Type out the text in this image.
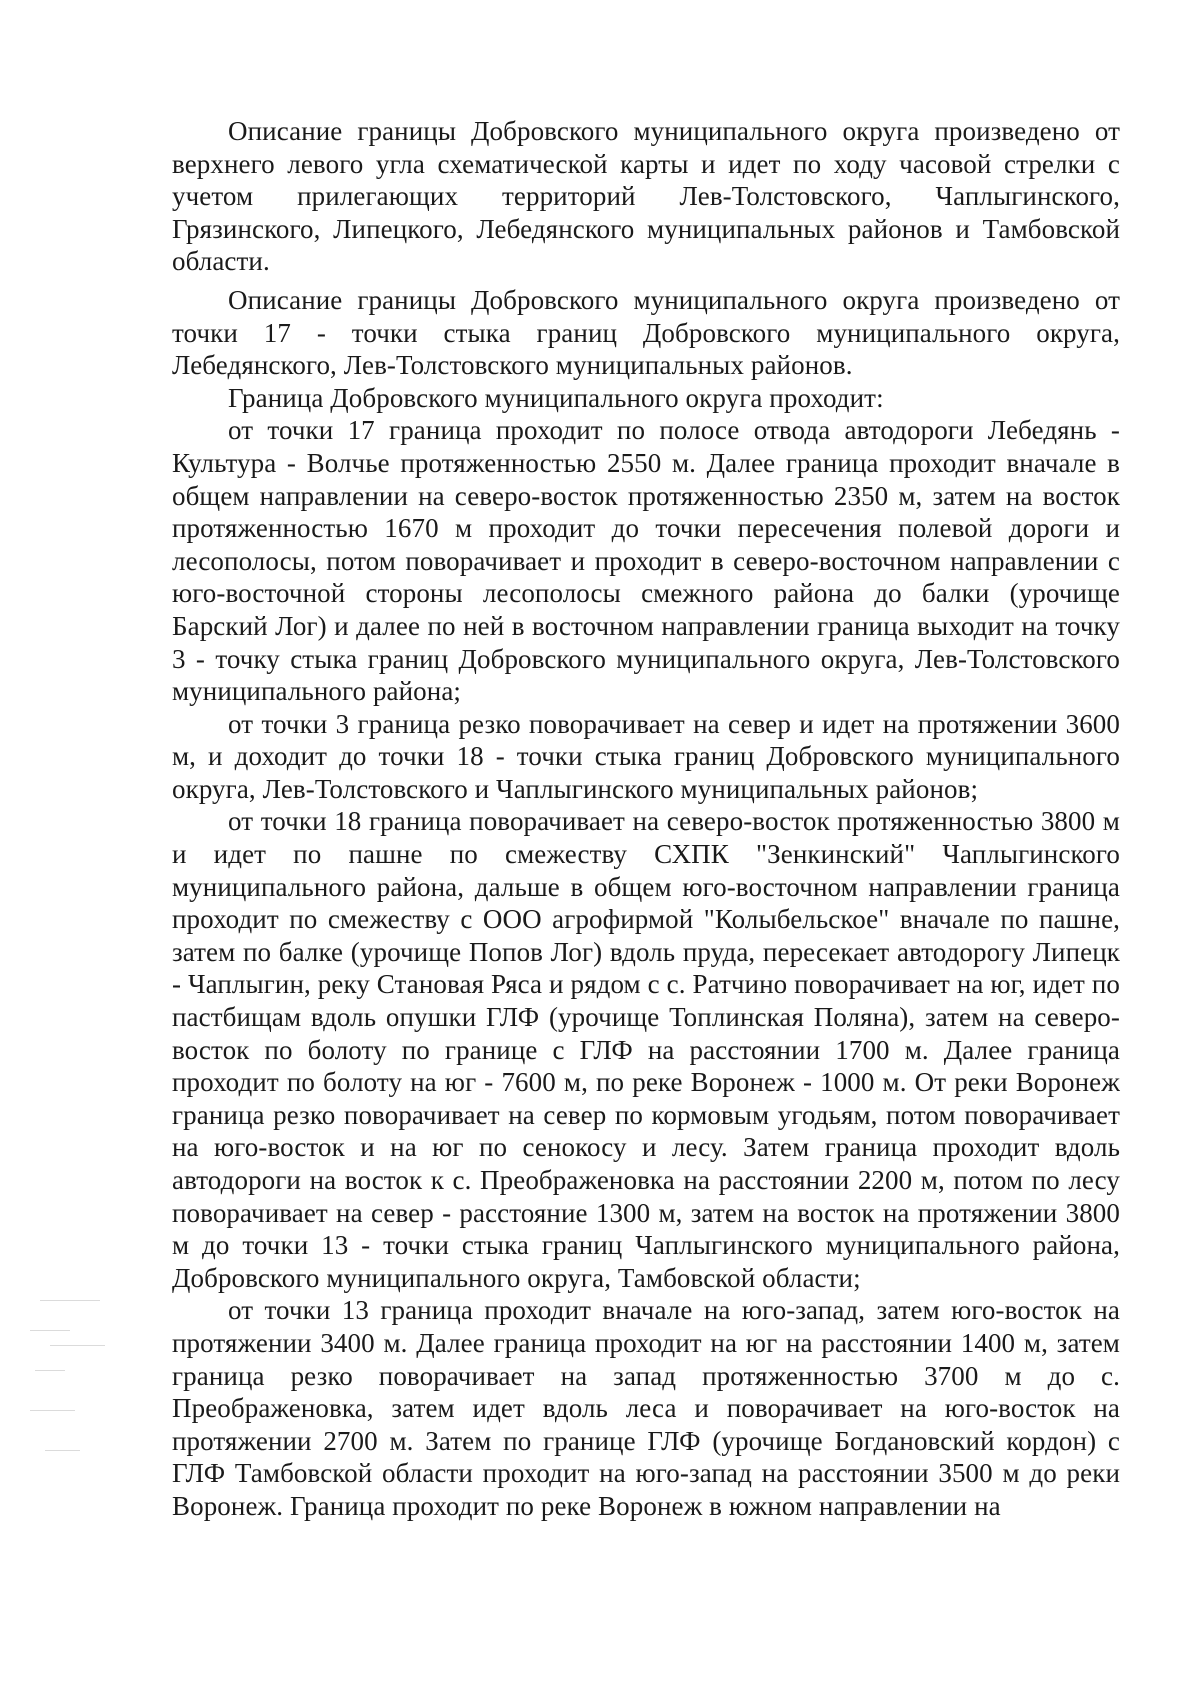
Описание границы Добровского муниципального округа произведено от верхнего левого угла схематической карты и идет по ходу часовой стрелки с учетом прилегающих территорий Лев-Толстовского, Чаплыгинского, Грязинского, Липецкого, Лебедянского муниципальных районов и Тамбовской области.

Описание границы Добровского муниципального округа произведено от точки 17 - точки стыка границ Добровского муниципального округа, Лебедянского, Лев-Толстовского муниципальных районов.

Граница Добровского муниципального округа проходит:

от точки 17 граница проходит по полосе отвода автодороги Лебедянь - Культура - Волчье протяженностью 2550 м. Далее граница проходит вначале в общем направлении на северо-восток протяженностью 2350 м, затем на восток протяженностью 1670 м проходит до точки пересечения полевой дороги и лесополосы, потом поворачивает и проходит в северо-восточном направлении с юго-восточной стороны лесополосы смежного района до балки (урочище Барский Лог) и далее по ней в восточном направлении граница выходит на точку 3 - точку стыка границ Добровского муниципального округа, Лев-Толстовского муниципального района;

от точки 3 граница резко поворачивает на север и идет на протяжении 3600 м, и доходит до точки 18 - точки стыка границ Добровского муниципального округа, Лев-Толстовского и Чаплыгинского муниципальных районов;

от точки 18 граница поворачивает на северо-восток протяженностью 3800 м и идет по пашне по смежеству СХПК "Зенкинский" Чаплыгинского муниципального района, дальше в общем юго-восточном направлении граница проходит по смежеству с ООО агрофирмой "Колыбельское" вначале по пашне, затем по балке (урочище Попов Лог) вдоль пруда, пересекает автодорогу Липецк - Чаплыгин, реку Становая Ряса и рядом с с. Ратчино поворачивает на юг, идет по пастбищам вдоль опушки ГЛФ (урочище Топлинская Поляна), затем на северо-восток по болоту по границе с ГЛФ на расстоянии 1700 м. Далее граница проходит по болоту на юг - 7600 м, по реке Воронеж - 1000 м. От реки Воронеж граница резко поворачивает на север по кормовым угодьям, потом поворачивает на юго-восток и на юг по сенокосу и лесу. Затем граница проходит вдоль автодороги на восток к с. Преображеновка на расстоянии 2200 м, потом по лесу поворачивает на север - расстояние 1300 м, затем на восток на протяжении 3800 м до точки 13 - точки стыка границ Чаплыгинского муниципального района, Добровского муниципального округа, Тамбовской области;

от точки 13 граница проходит вначале на юго-запад, затем юго-восток на протяжении 3400 м. Далее граница проходит на юг на расстоянии 1400 м, затем граница резко поворачивает на запад протяженностью 3700 м до с. Преображеновка, затем идет вдоль леса и поворачивает на юго-восток на протяжении 2700 м. Затем по границе ГЛФ (урочище Богдановский кордон) с ГЛФ Тамбовской области проходит на юго-запад на расстоянии 3500 м до реки Воронеж. Граница проходит по реке Воронеж в южном направлении на
